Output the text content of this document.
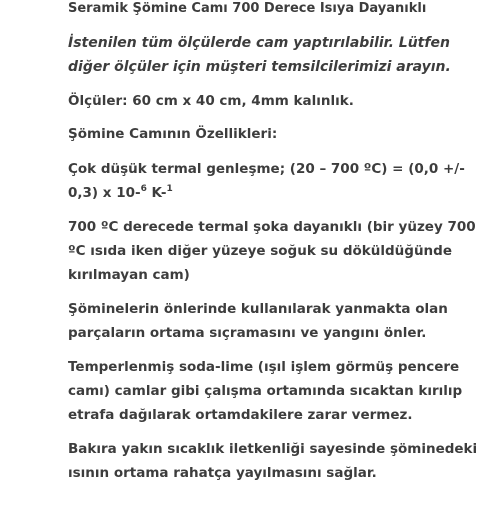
Seramik Şömine Camı 700 Derece Isıya Dayanıklı

İstenilen tüm ölçülerde cam yaptırılabilir. Lütfen diğer ölçüler için müşteri temsilcilerimizi arayın.

Ölçüler: 60 cm x 40 cm, 4mm kalınlık.

Şömine Camının Özellikleri:

Çok düşük termal genleşme; (20 – 700 ºC) = (0,0 +/- 0,3) x 10-$^6$ K-$^1$

700 ºC derecede termal şoka dayanıklı (bir yüzey 700 ºC ısıda iken diğer yüzeye soğuk su döküldüğünde kırılmayan cam)

Şöminelerin önlerinde kullanılarak yanmakta olan parçaların ortama sıçramasını ve yangını önler.

Temperlenmiş soda-lime (ışıl işlem görmüş pencere camı) camlar gibi çalışma ortamında sıcaktan kırılıp etrafa dağılarak ortamdakilere zarar vermez.

Bakıra yakın sıcaklık iletkenliği sayesinde şöminedeki ısının ortama rahatça yayılmasını sağlar.
